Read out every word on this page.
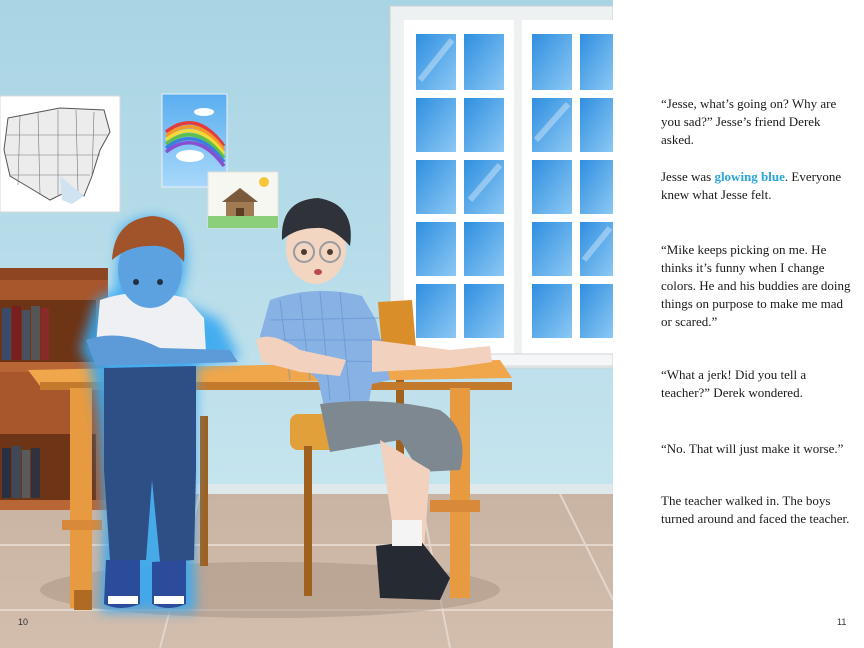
10

“Jesse, what’s going on? Why are you sad?” Jesse’s friend Derek asked.

Jesse was glowing blue. Everyone knew what Jesse felt.

“Mike keeps picking on me. He thinks it’s funny when I change colors. He and his buddies are doing things on purpose to make me mad or scared.”

“What a jerk! Did you tell a teacher?” Derek wondered.

“No. That will just make it worse.”

The teacher walked in. The boys turned around and faced the teacher.

11
